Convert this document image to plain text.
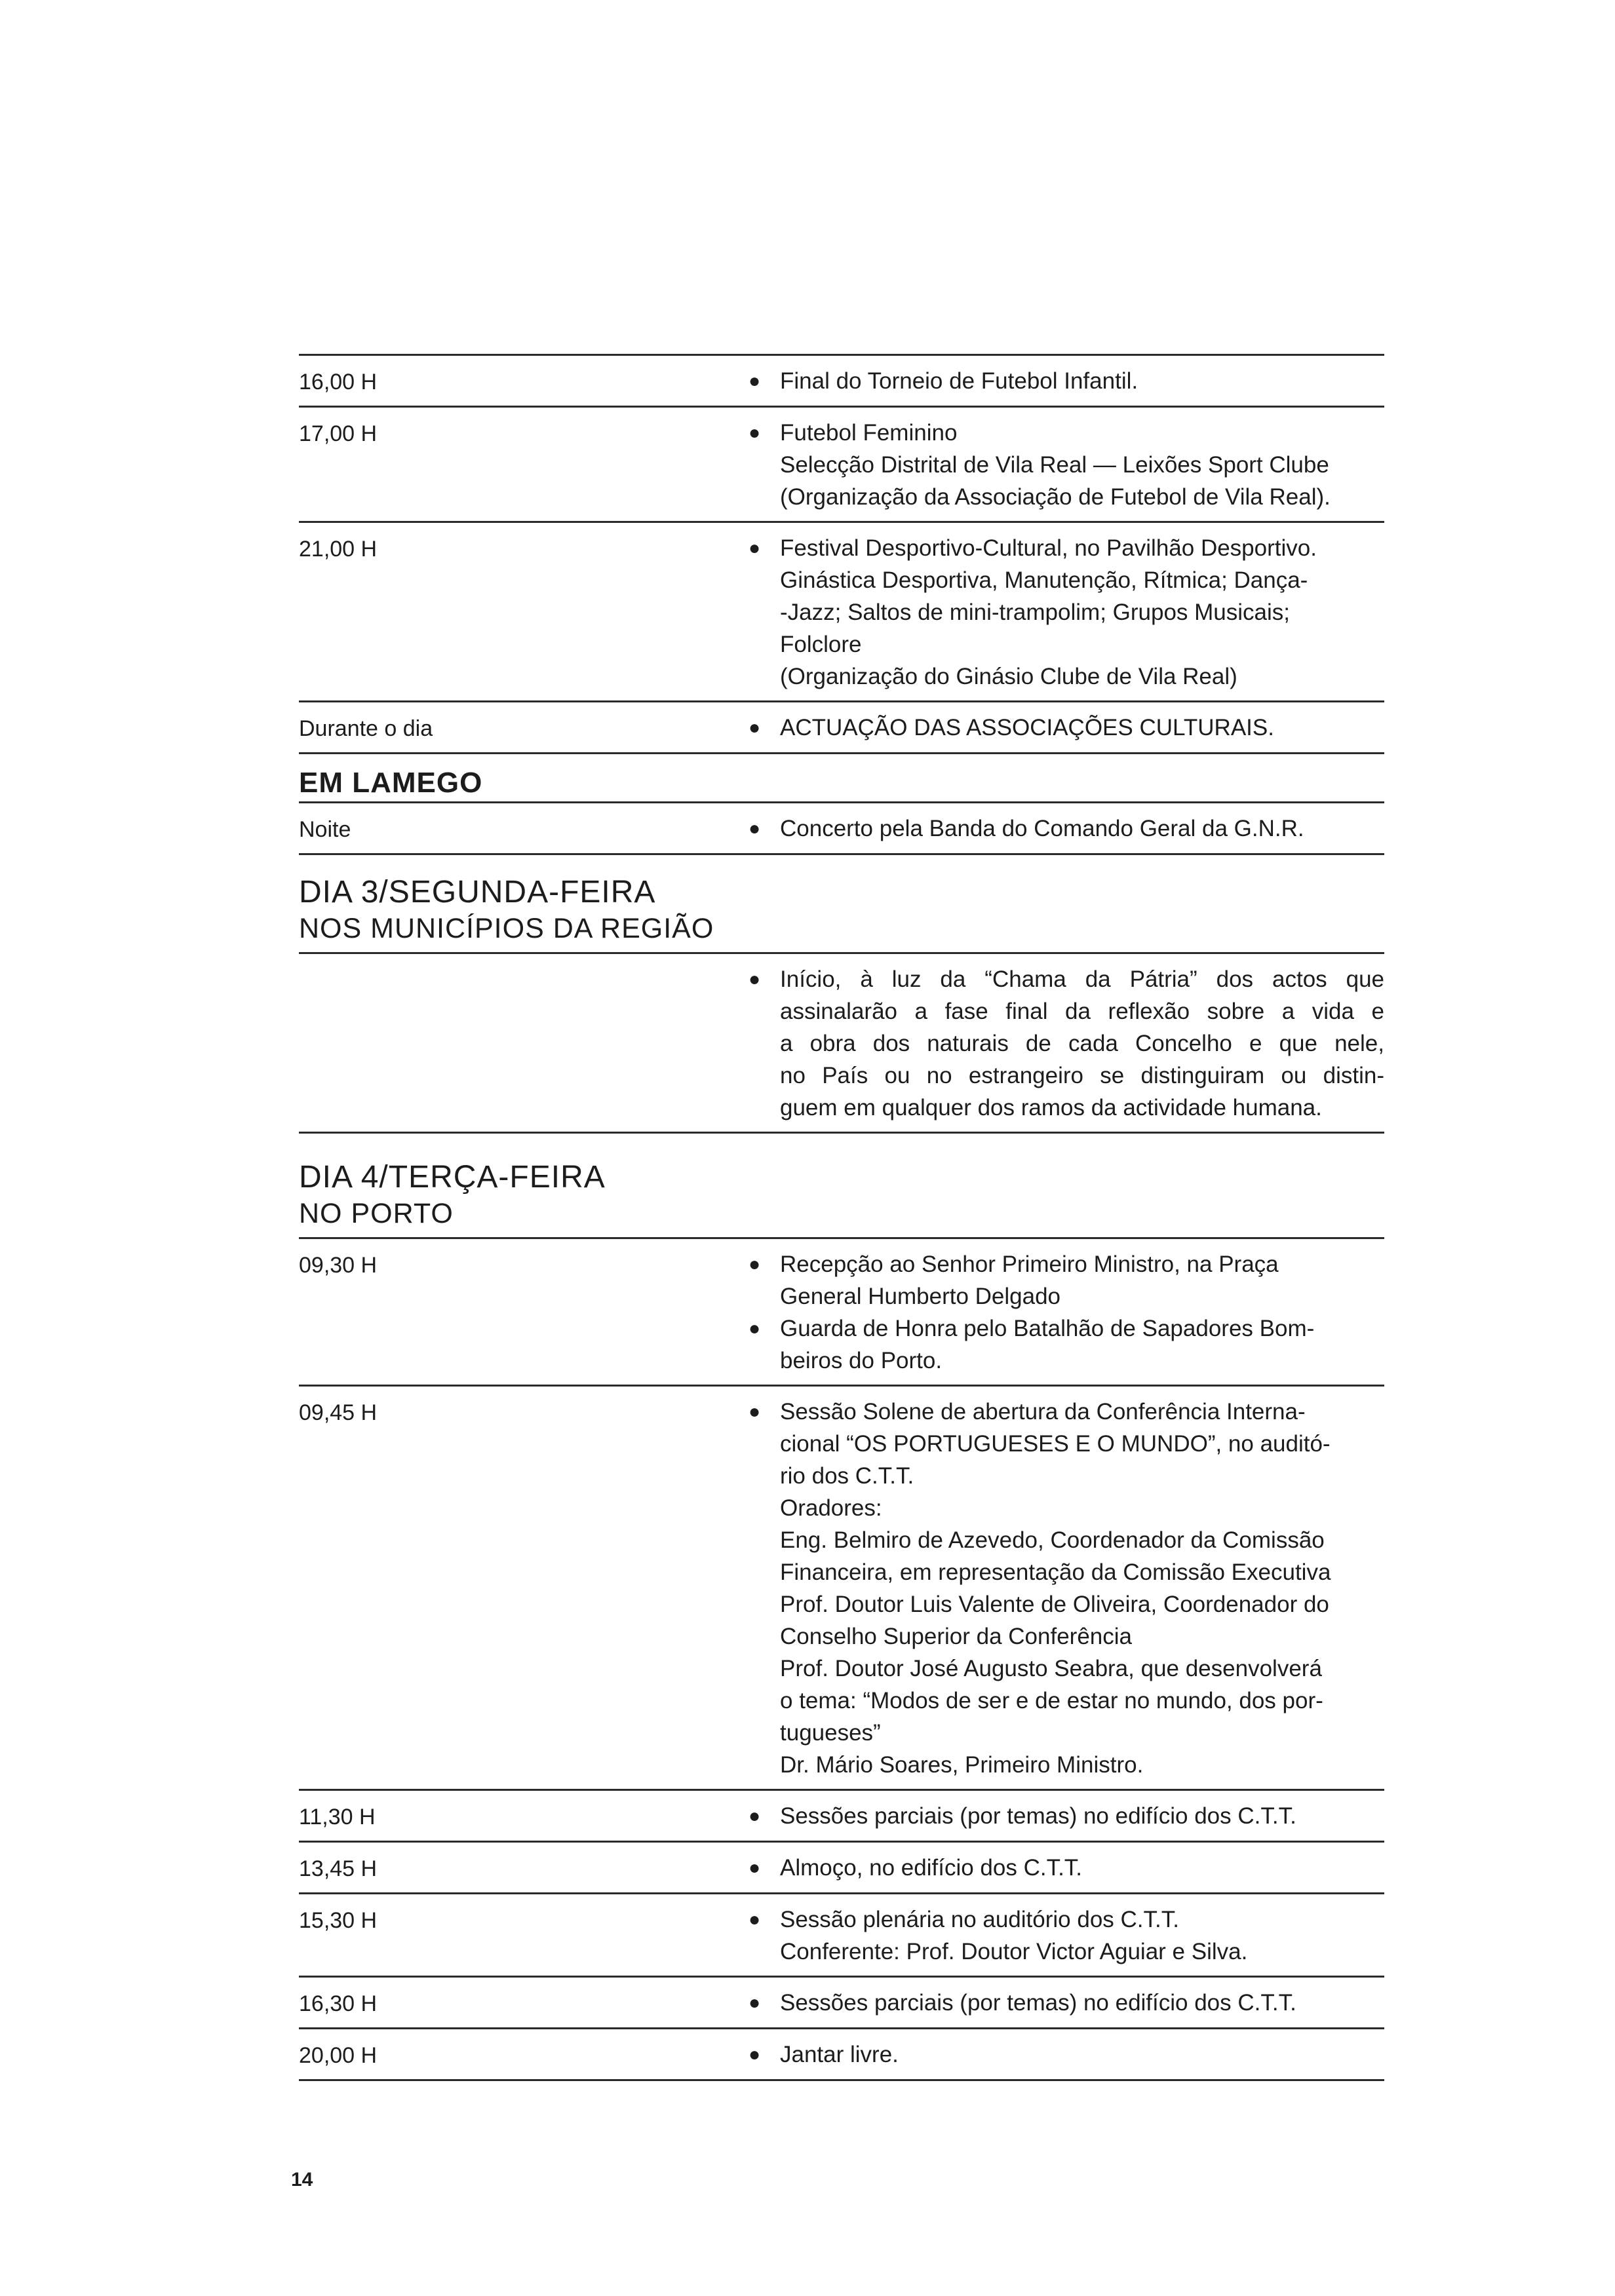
16,00 H	● Final do Torneio de Futebol Infantil.
17,00 H	● Futebol Feminino
Selecção Distrital de Vila Real — Leixões Sport Clube
(Organização da Associação de Futebol de Vila Real).
21,00 H	● Festival Desportivo-Cultural, no Pavilhão Desportivo.
Ginástica Desportiva, Manutenção, Rítmica; Dança-
-Jazz; Saltos de mini-trampolim; Grupos Musicais;
Folclore
(Organização do Ginásio Clube de Vila Real)
Durante o dia	● ACTUAÇÃO DAS ASSOCIAÇÕES CULTURAIS.
EM LAMEGO
Noite	● Concerto pela Banda do Comando Geral da G.N.R.
DIA 3/SEGUNDA-FEIRA
NOS MUNICÍPIOS DA REGIÃO
● Início, à luz da “Chama da Pátria” dos actos que
assinalarão a fase final da reflexão sobre a vida e
a obra dos naturais de cada Concelho e que nele,
no País ou no estrangeiro se distinguiram ou distin-
guem em qualquer dos ramos da actividade humana.
DIA 4/TERÇA-FEIRA
NO PORTO
09,30 H	● Recepção ao Senhor Primeiro Ministro, na Praça
General Humberto Delgado
● Guarda de Honra pelo Batalhão de Sapadores Bom-
beiros do Porto.
09,45 H	● Sessão Solene de abertura da Conferência Interna-
cional “OS PORTUGUESES E O MUNDO”, no auditó-
rio dos C.T.T.
Oradores:
Eng. Belmiro de Azevedo, Coordenador da Comissão
Financeira, em representação da Comissão Executiva
Prof. Doutor Luis Valente de Oliveira, Coordenador do
Conselho Superior da Conferência
Prof. Doutor José Augusto Seabra, que desenvolverá
o tema: “Modos de ser e de estar no mundo, dos por-
tugueses”
Dr. Mário Soares, Primeiro Ministro.
11,30 H	● Sessões parciais (por temas) no edifício dos C.T.T.
13,45 H	● Almoço, no edifício dos C.T.T.
15,30 H	● Sessão plenária no auditório dos C.T.T.
Conferente: Prof. Doutor Victor Aguiar e Silva.
16,30 H	● Sessões parciais (por temas) no edifício dos C.T.T.
20,00 H	● Jantar livre.
14
